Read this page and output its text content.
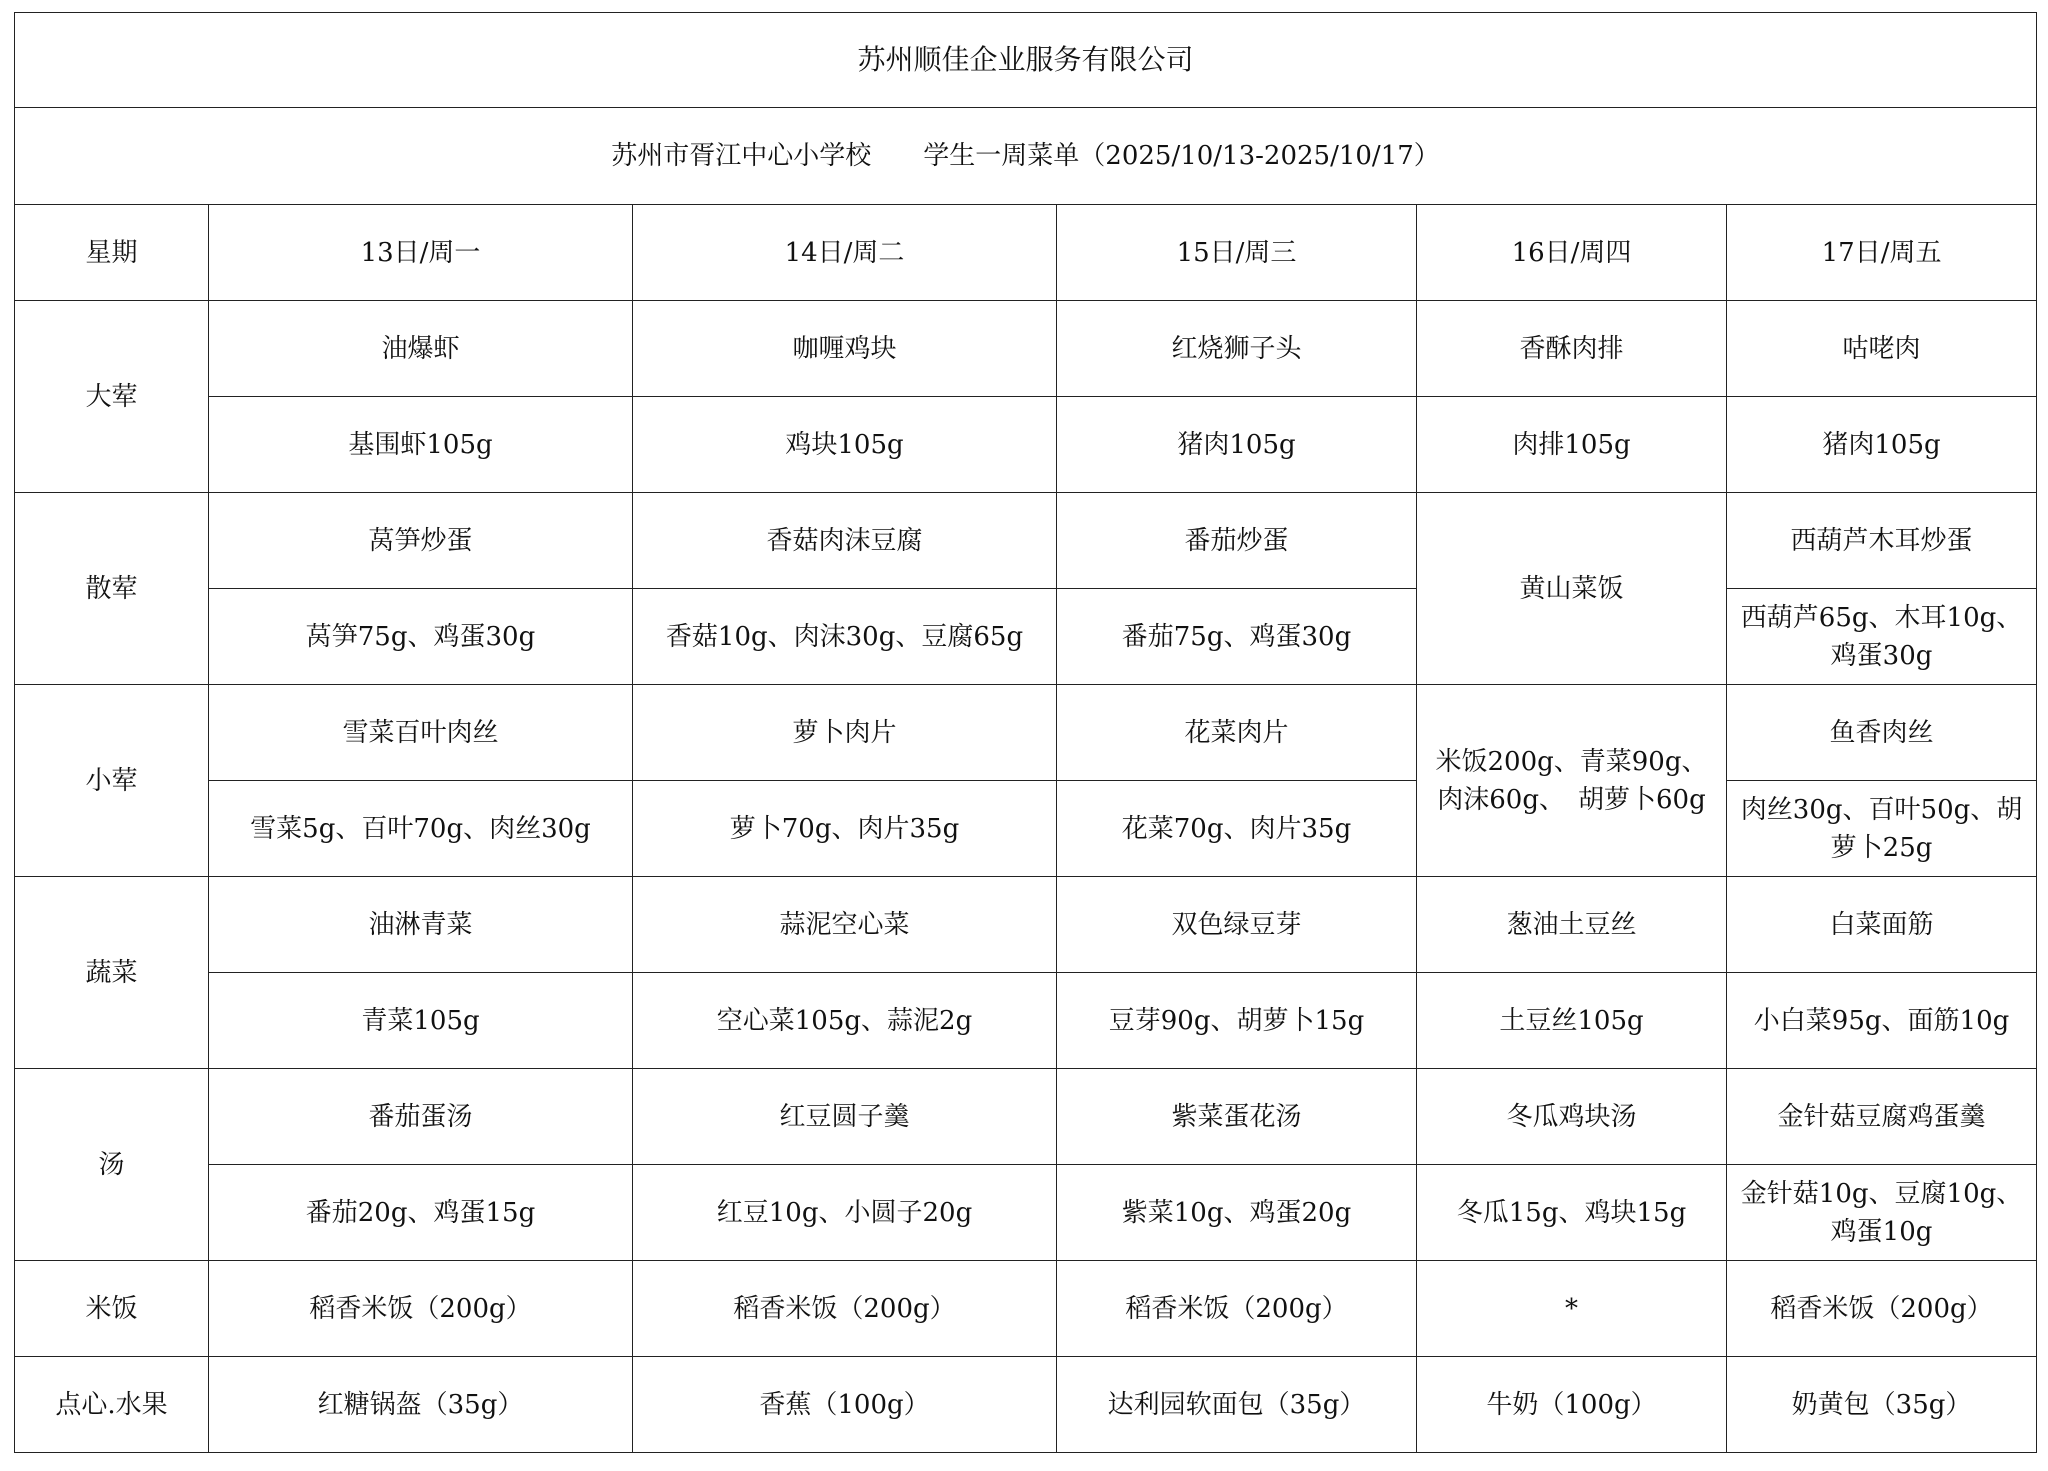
苏州顺佳企业服务有限公司					
苏州市胥江中心小学校　　学生一周菜单（2025/10/13-2025/10/17）					
星期	13日/周一	14日/周二	15日/周三	16日/周四	17日/周五
大荤	油爆虾	咖喱鸡块	红烧狮子头	香酥肉排	咕咾肉
	基围虾105g	鸡块105g	猪肉105g	肉排105g	猪肉105g
散荤	莴笋炒蛋	香菇肉沫豆腐	番茄炒蛋	黄山菜饭	西葫芦木耳炒蛋
	莴笋75g、鸡蛋30g	香菇10g、肉沫30g、豆腐65g	番茄75g、鸡蛋30g		西葫芦65g、木耳10g、鸡蛋30g
小荤	雪菜百叶肉丝	萝卜肉片	花菜肉片	米饭200g、青菜90g、肉沫60g、　胡萝卜60g	鱼香肉丝
	雪菜5g、百叶70g、肉丝30g	萝卜70g、肉片35g	花菜70g、肉片35g		肉丝30g、百叶50g、胡萝卜25g
蔬菜	油淋青菜	蒜泥空心菜	双色绿豆芽	葱油土豆丝	白菜面筋
	青菜105g	空心菜105g、蒜泥2g	豆芽90g、胡萝卜15g	土豆丝105g	小白菜95g、面筋10g
汤	番茄蛋汤	红豆圆子羹	紫菜蛋花汤	冬瓜鸡块汤	金针菇豆腐鸡蛋羹
	番茄20g、鸡蛋15g	红豆10g、小圆子20g	紫菜10g、鸡蛋20g	冬瓜15g、鸡块15g	金针菇10g、豆腐10g、鸡蛋10g
米饭	稻香米饭（200g）	稻香米饭（200g）	稻香米饭（200g）	*	稻香米饭（200g）
点心.水果	红糖锅盔（35g）	香蕉（100g）	达利园软面包（35g）	牛奶（100g）	奶黄包（35g）
